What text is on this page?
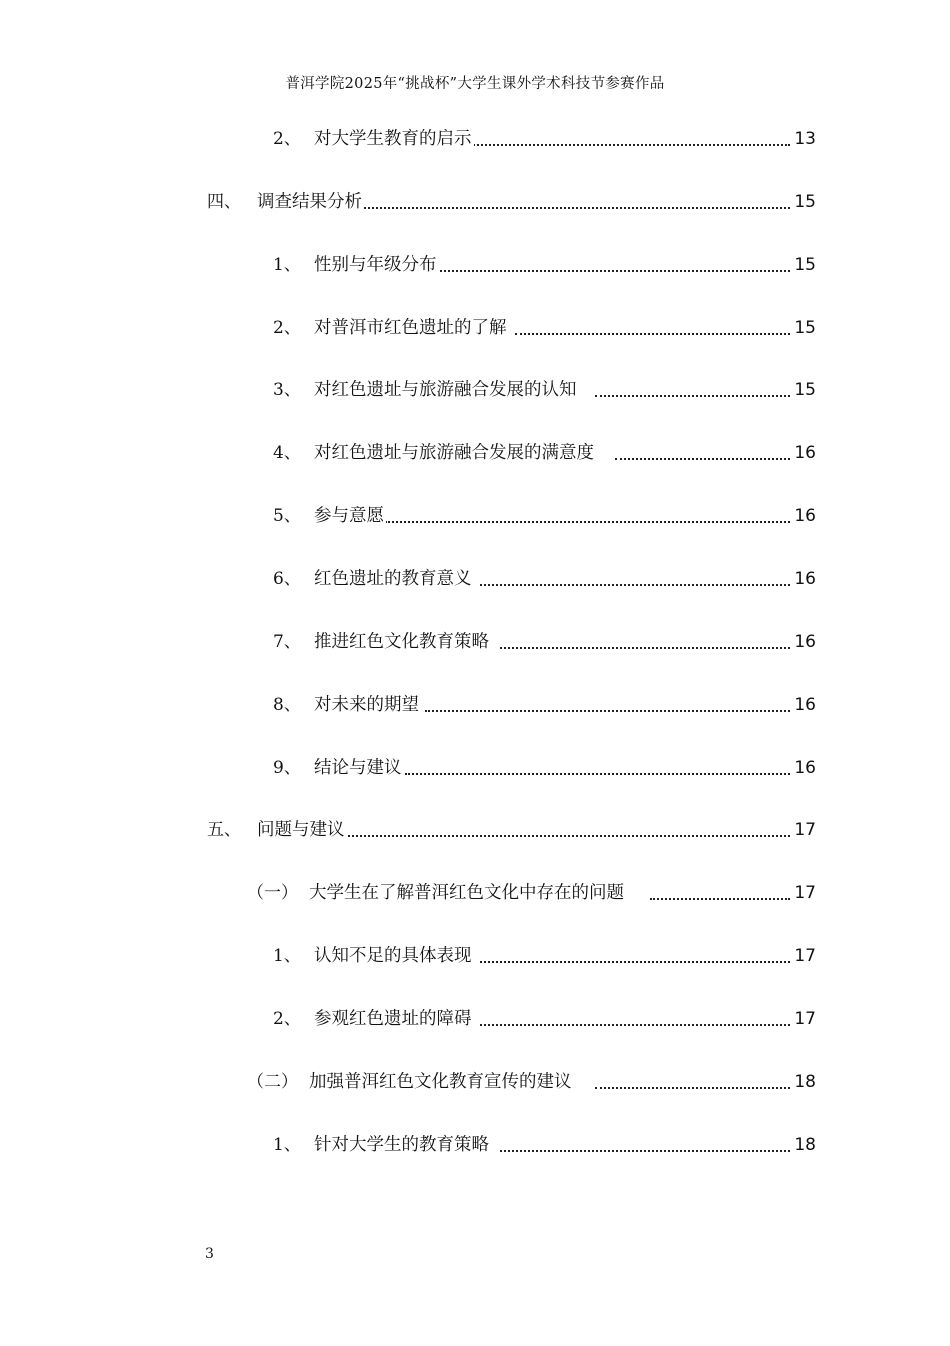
普洱学院2025年“挑战杯”大学生课外学术科技节参赛作品
2、 对大学生教育的启示	13
四、 调查结果分析	15
1、 性别与年级分布	15
2、 对普洱市红色遗址的了解	15
3、 对红色遗址与旅游融合发展的认知	15
4、 对红色遗址与旅游融合发展的满意度	16
5、 参与意愿	16
6、 红色遗址的教育意义	16
7、 推进红色文化教育策略	16
8、 对未来的期望	16
9、 结论与建议	16
五、 问题与建议	17
（一） 大学生在了解普洱红色文化中存在的问题	17
1、 认知不足的具体表现	17
2、 参观红色遗址的障碍	17
（二） 加强普洱红色文化教育宣传的建议	18
1、 针对大学生的教育策略	18
3
